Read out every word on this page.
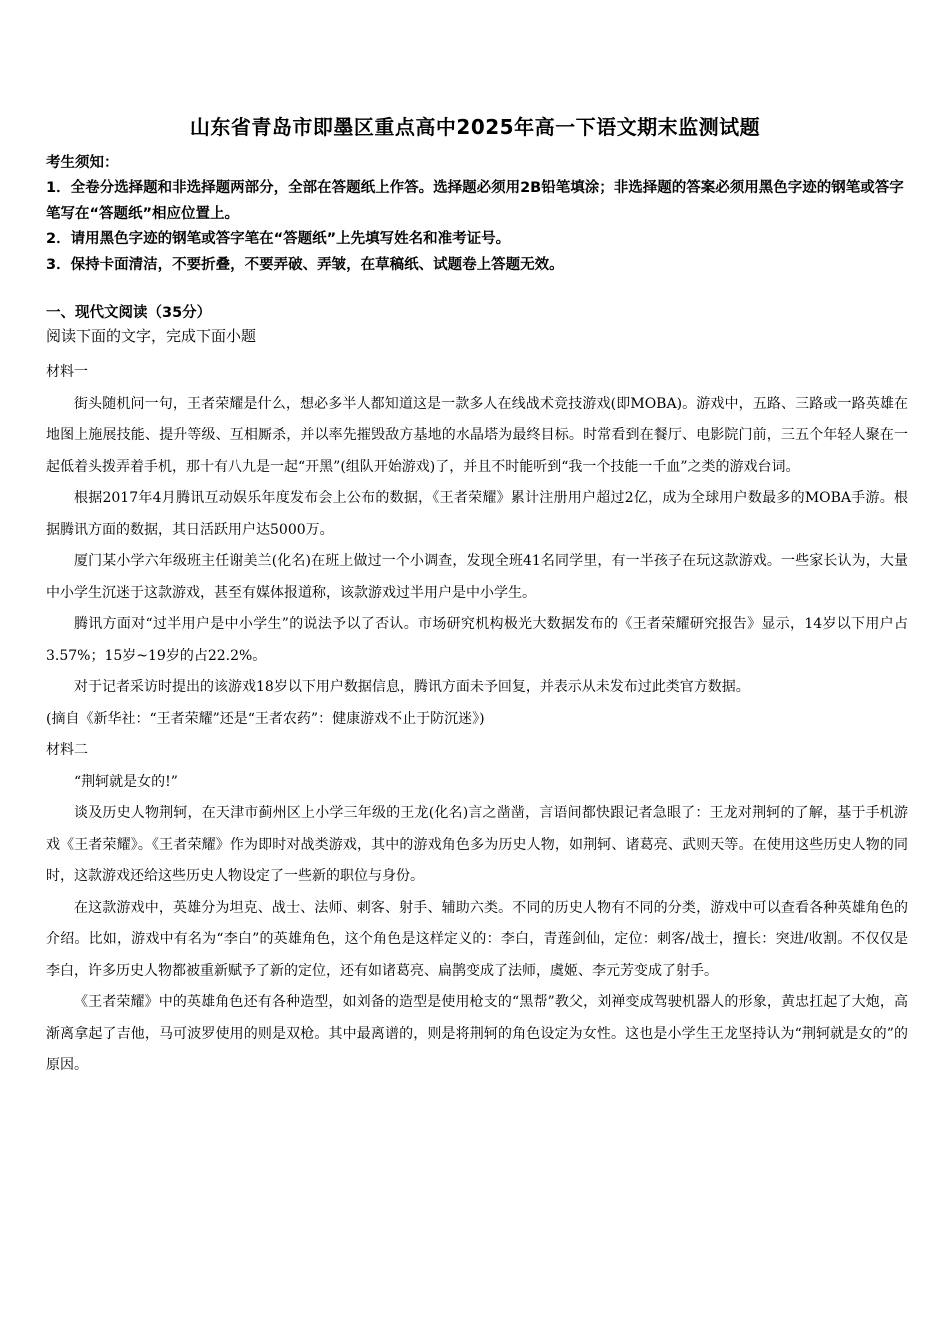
山东省青岛市即墨区重点高中2025年高一下语文期末监测试题
考生须知：

1．全卷分选择题和非选择题两部分，全部在答题纸上作答。选择题必须用2B铅笔填涂；非选择题的答案必须用黑色字迹的钢笔或答字笔写在“答题纸”相应位置上。

2．请用黑色字迹的钢笔或答字笔在“答题纸”上先填写姓名和准考证号。

3．保持卡面清洁，不要折叠，不要弄破、弄皱，在草稿纸、试题卷上答题无效。

一、现代文阅读（35分）
阅读下面的文字，完成下面小题

材料一

街头随机问一句，王者荣耀是什么，想必多半人都知道这是一款多人在线战术竞技游戏(即MOBA)。游戏中，五路、三路或一路英雄在地图上施展技能、提升等级、互相厮杀，并以率先摧毁敌方基地的水晶塔为最终目标。时常看到在餐厅、电影院门前，三五个年轻人聚在一起低着头拨弄着手机，那十有八九是一起“开黑”(组队开始游戏)了，并且不时能听到“我一个技能一千血”之类的游戏台词。

根据2017年4月腾讯互动娱乐年度发布会上公布的数据，《王者荣耀》累计注册用户超过2亿，成为全球用户数最多的MOBA手游。根据腾讯方面的数据，其日活跃用户达5000万。

厦门某小学六年级班主任谢美兰(化名)在班上做过一个小调查，发现全班41名同学里，有一半孩子在玩这款游戏。一些家长认为，大量中小学生沉迷于这款游戏，甚至有媒体报道称，该款游戏过半用户是中小学生。

腾讯方面对“过半用户是中小学生”的说法予以了否认。市场研究机构极光大数据发布的《王者荣耀研究报告》显示，14岁以下用户占3.57%；15岁~19岁的占22.2%。

对于记者采访时提出的该游戏18岁以下用户数据信息，腾讯方面未予回复，并表示从未发布过此类官方数据。

(摘自《新华社：“王者荣耀”还是“王者农药”：健康游戏不止于防沉迷》)

材料二

“荆轲就是女的!”

谈及历史人物荆轲，在天津市蓟州区上小学三年级的王龙(化名)言之凿凿，言语间都快跟记者急眼了：王龙对荆轲的了解，基于手机游戏《王者荣耀》。《王者荣耀》作为即时对战类游戏，其中的游戏角色多为历史人物，如荆轲、诸葛亮、武则天等。在使用这些历史人物的同时，这款游戏还给这些历史人物设定了一些新的职位与身份。

在这款游戏中，英雄分为坦克、战士、法师、刺客、射手、辅助六类。不同的历史人物有不同的分类，游戏中可以查看各种英雄角色的介绍。比如，游戏中有名为“李白”的英雄角色，这个角色是这样定义的：李白，青莲剑仙，定位：刺客/战士，擅长：突进/收割。不仅仅是李白，许多历史人物都被重新赋予了新的定位，还有如诸葛亮、扁鹊变成了法师，虞姬、李元芳变成了射手。

《王者荣耀》中的英雄角色还有各种造型，如刘备的造型是使用枪支的“黑帮”教父，刘禅变成驾驶机器人的形象，黄忠扛起了大炮，高渐离拿起了吉他，马可波罗使用的则是双枪。其中最离谱的，则是将荆轲的角色设定为女性。这也是小学生王龙坚持认为“荆轲就是女的”的原因。
